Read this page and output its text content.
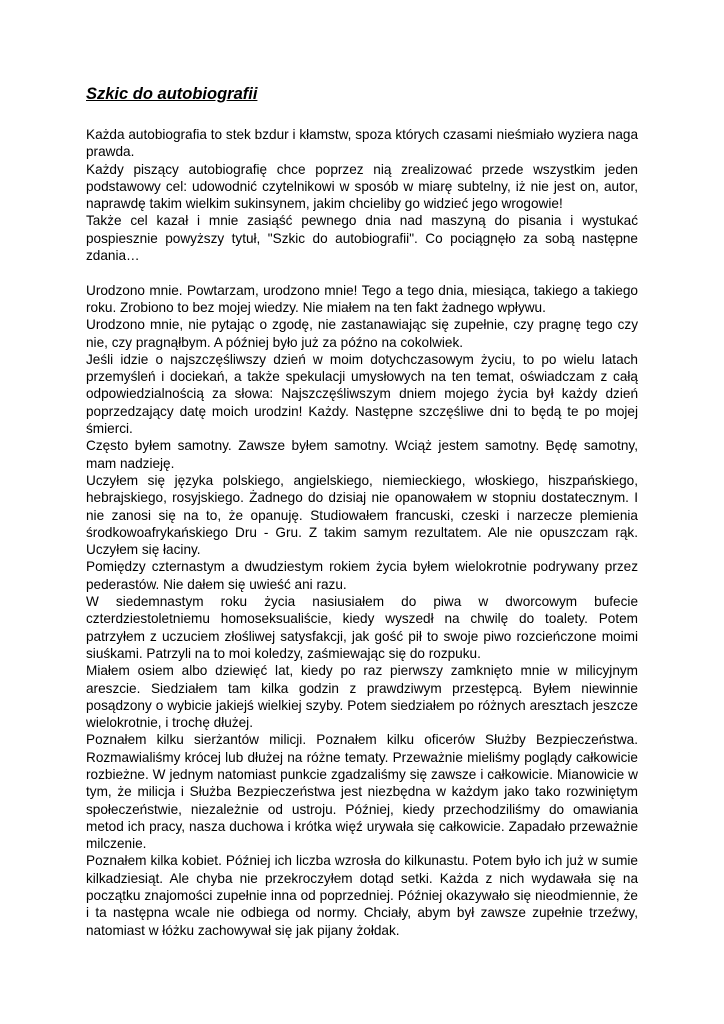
Szkic do autobiografii

Każda autobiografia to stek bzdur i kłamstw, spoza których czasami nieśmiało wyziera naga prawda.

Każdy piszący autobiografię chce poprzez nią zrealizować przede wszystkim jeden podstawowy cel: udowodnić czytelnikowi w sposób w miarę subtelny, iż nie jest on, autor, naprawdę takim wielkim sukinsynem, jakim chcieliby go widzieć jego wrogowie!

Także cel kazał i mnie zasiąść pewnego dnia nad maszyną do pisania i wystukać pospiesznie powyższy tytuł, "Szkic do autobiografii". Co pociągnęło za sobą następne zdania…

Urodzono mnie. Powtarzam, urodzono mnie! Tego a tego dnia, miesiąca, takiego a takiego roku. Zrobiono to bez mojej wiedzy. Nie miałem na ten fakt żadnego wpływu.

Urodzono mnie, nie pytając o zgodę, nie zastanawiając się zupełnie, czy pragnę tego czy nie, czy pragnąłbym. A później było już za późno na cokolwiek.

Jeśli idzie o najszczęśliwszy dzień w moim dotychczasowym życiu, to po wielu latach przemyśleń i dociekań, a także spekulacji umysłowych na ten temat, oświadczam z całą odpowiedzialnością za słowa: Najszczęśliwszym dniem mojego życia był każdy dzień poprzedzający datę moich urodzin! Każdy. Następne szczęśliwe dni to będą te po mojej śmierci.

Często byłem samotny. Zawsze byłem samotny. Wciąż jestem samotny. Będę samotny, mam nadzieję.

Uczyłem się języka polskiego, angielskiego, niemieckiego, włoskiego, hiszpańskiego, hebrajskiego, rosyjskiego. Żadnego do dzisiaj nie opanowałem w stopniu dostatecznym. I nie zanosi się na to, że opanuję. Studiowałem francuski, czeski i narzecze plemienia środkowoafrykańskiego Dru - Gru. Z takim samym rezultatem. Ale nie opuszczam rąk. Uczyłem się łaciny.

Pomiędzy czternastym a dwudziestym rokiem życia byłem wielokrotnie podrywany przez pederastów. Nie dałem się uwieść ani razu.

W siedemnastym roku życia nasiusiałem do piwa w dworcowym bufecie czterdziestoletniemu homoseksualiście, kiedy wyszedł na chwilę do toalety. Potem patrzyłem z uczuciem złośliwej satysfakcji, jak gość pił to swoje piwo rozcieńczone moimi siuśkami. Patrzyli na to moi koledzy, zaśmiewając się do rozpuku.

Miałem osiem albo dziewięć lat, kiedy po raz pierwszy zamknięto mnie w milicyjnym areszcie. Siedziałem tam kilka godzin z prawdziwym przestępcą. Byłem niewinnie posądzony o wybicie jakiejś wielkiej szyby. Potem siedziałem po różnych aresztach jeszcze wielokrotnie, i trochę dłużej.

Poznałem kilku sierżantów milicji. Poznałem kilku oficerów Służby Bezpieczeństwa. Rozmawialiśmy krócej lub dłużej na różne tematy. Przeważnie mieliśmy poglądy całkowicie rozbieżne. W jednym natomiast punkcie zgadzaliśmy się zawsze i całkowicie. Mianowicie w tym, że milicja i Służba Bezpieczeństwa jest niezbędna w każdym jako tako rozwiniętym społeczeństwie, niezależnie od ustroju. Później, kiedy przechodziliśmy do omawiania metod ich pracy, nasza duchowa i krótka więź urywała się całkowicie. Zapadało przeważnie milczenie.

Poznałem kilka kobiet. Później ich liczba wzrosła do kilkunastu. Potem było ich już w sumie kilkadziesiąt. Ale chyba nie przekroczyłem dotąd setki. Każda z nich wydawała się na początku znajomości zupełnie inna od poprzedniej. Później okazywało się nieodmiennie, że i ta następna wcale nie odbiega od normy. Chciały, abym był zawsze zupełnie trzeźwy, natomiast w łóżku zachowywał się jak pijany żołdak.
